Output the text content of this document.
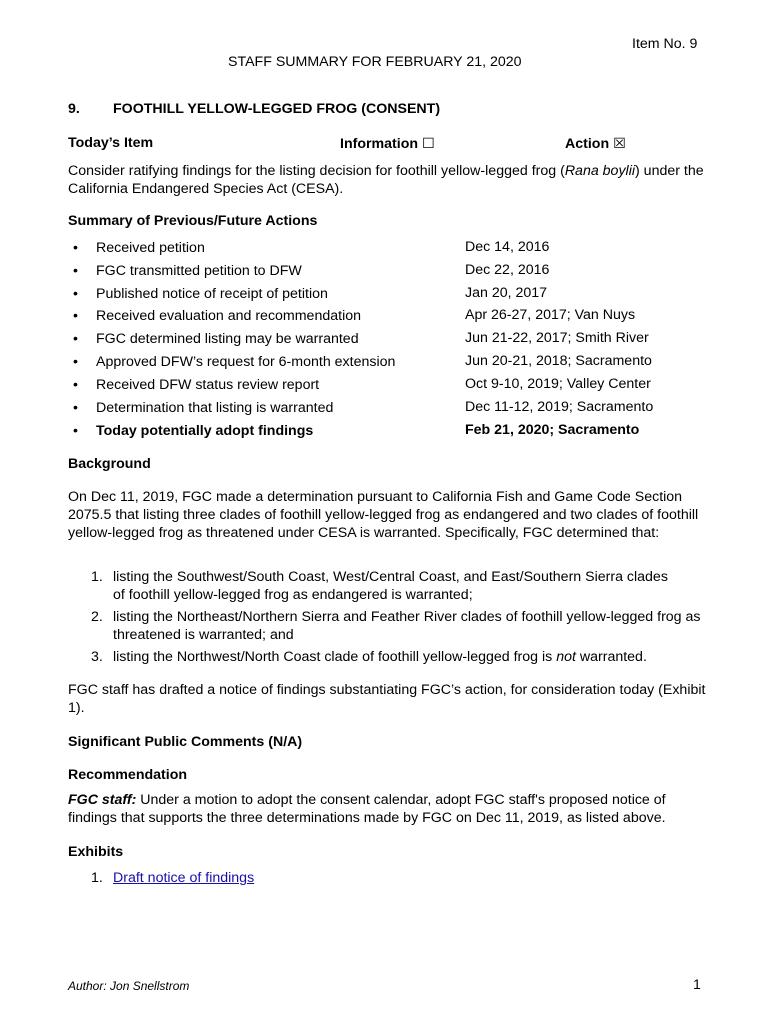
Item No. 9
STAFF SUMMARY FOR FEBRUARY 21, 2020
9. FOOTHILL YELLOW-LEGGED FROG (CONSENT)
Today’s Item	Information ☐	Action ☒
Consider ratifying findings for the listing decision for foothill yellow-legged frog (Rana boylii) under the California Endangered Species Act (CESA).
Summary of Previous/Future Actions
• Received petition	Dec 14, 2016
• FGC transmitted petition to DFW	Dec 22, 2016
• Published notice of receipt of petition	Jan 20, 2017
• Received evaluation and recommendation	Apr 26-27, 2017; Van Nuys
• FGC determined listing may be warranted	Jun 21-22, 2017; Smith River
• Approved DFW’s request for 6-month extension	Jun 20-21, 2018; Sacramento
• Received DFW status review report	Oct 9-10, 2019; Valley Center
• Determination that listing is warranted	Dec 11-12, 2019; Sacramento
• Today potentially adopt findings	Feb 21, 2020; Sacramento
Background
On Dec 11, 2019, FGC made a determination pursuant to California Fish and Game Code Section 2075.5 that listing three clades of foothill yellow-legged frog as endangered and two clades of foothill yellow-legged frog as threatened under CESA is warranted. Specifically, FGC determined that:
1. listing the Southwest/South Coast, West/Central Coast, and East/Southern Sierra clades of foothill yellow-legged frog as endangered is warranted;
2. listing the Northeast/Northern Sierra and Feather River clades of foothill yellow-legged frog as threatened is warranted; and
3. listing the Northwest/North Coast clade of foothill yellow-legged frog is not warranted.
FGC staff has drafted a notice of findings substantiating FGC’s action, for consideration today (Exhibit 1).
Significant Public Comments (N/A)
Recommendation
FGC staff: Under a motion to adopt the consent calendar, adopt FGC staff's proposed notice of findings that supports the three determinations made by FGC on Dec 11, 2019, as listed above.
Exhibits
1. Draft notice of findings
Author: Jon Snellstrom	1
